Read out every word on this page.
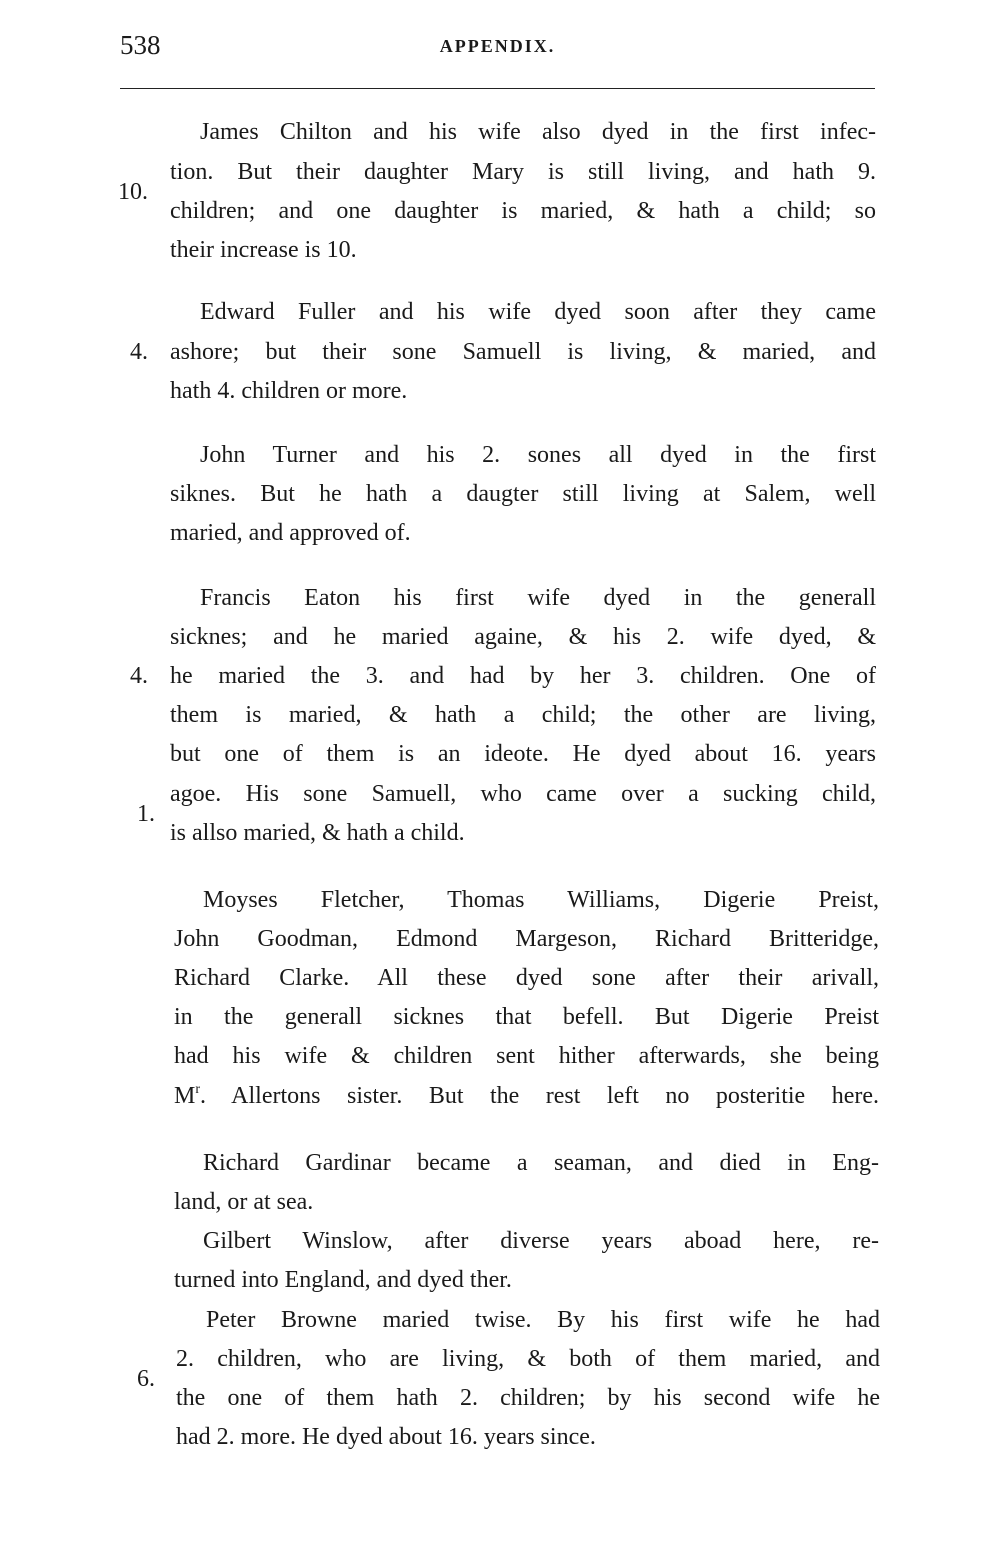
538	APPENDIX.
10.
4.
4.
1.
6.
James Chilton and his wife also dyed in the first infec-
tion. But their daughter Mary is still living, and hath 9.
children; and one daughter is maried, & hath a child; so
their increase is 10.
Edward Fuller and his wife dyed soon after they came
ashore; but their sone Samuell is living, & maried, and
hath 4. children or more.
John Turner and his 2. sones all dyed in the first
siknes. But he hath a daugter still living at Salem, well
maried, and approved of.
Francis Eaton his first wife dyed in the generall
sicknes; and he maried againe, & his 2. wife dyed, &
he maried the 3. and had by her 3. children. One of
them is maried, & hath a child; the other are living,
but one of them is an ideote. He dyed about 16. years
agoe. His sone Samuell, who came over a sucking child,
is allso maried, & hath a child.
Moyses Fletcher, Thomas Williams, Digerie Preist,
John Goodman, Edmond Margeson, Richard Britteridge,
Richard Clarke. All these dyed sone after their arivall,
in the generall sicknes that befell. But Digerie Preist
had his wife & children sent hither afterwards, she being
$M^r$. Allertons sister. But the rest left no posteritie here.
Richard Gardinar became a seaman, and died in Eng-
land, or at sea.
Gilbert Winslow, after diverse years aboad here, re-
turned into England, and dyed ther.
Peter Browne maried twise. By his first wife he had
2. children, who are living, & both of them maried, and
the one of them hath 2. children; by his second wife he
had 2. more. He dyed about 16. years since.
